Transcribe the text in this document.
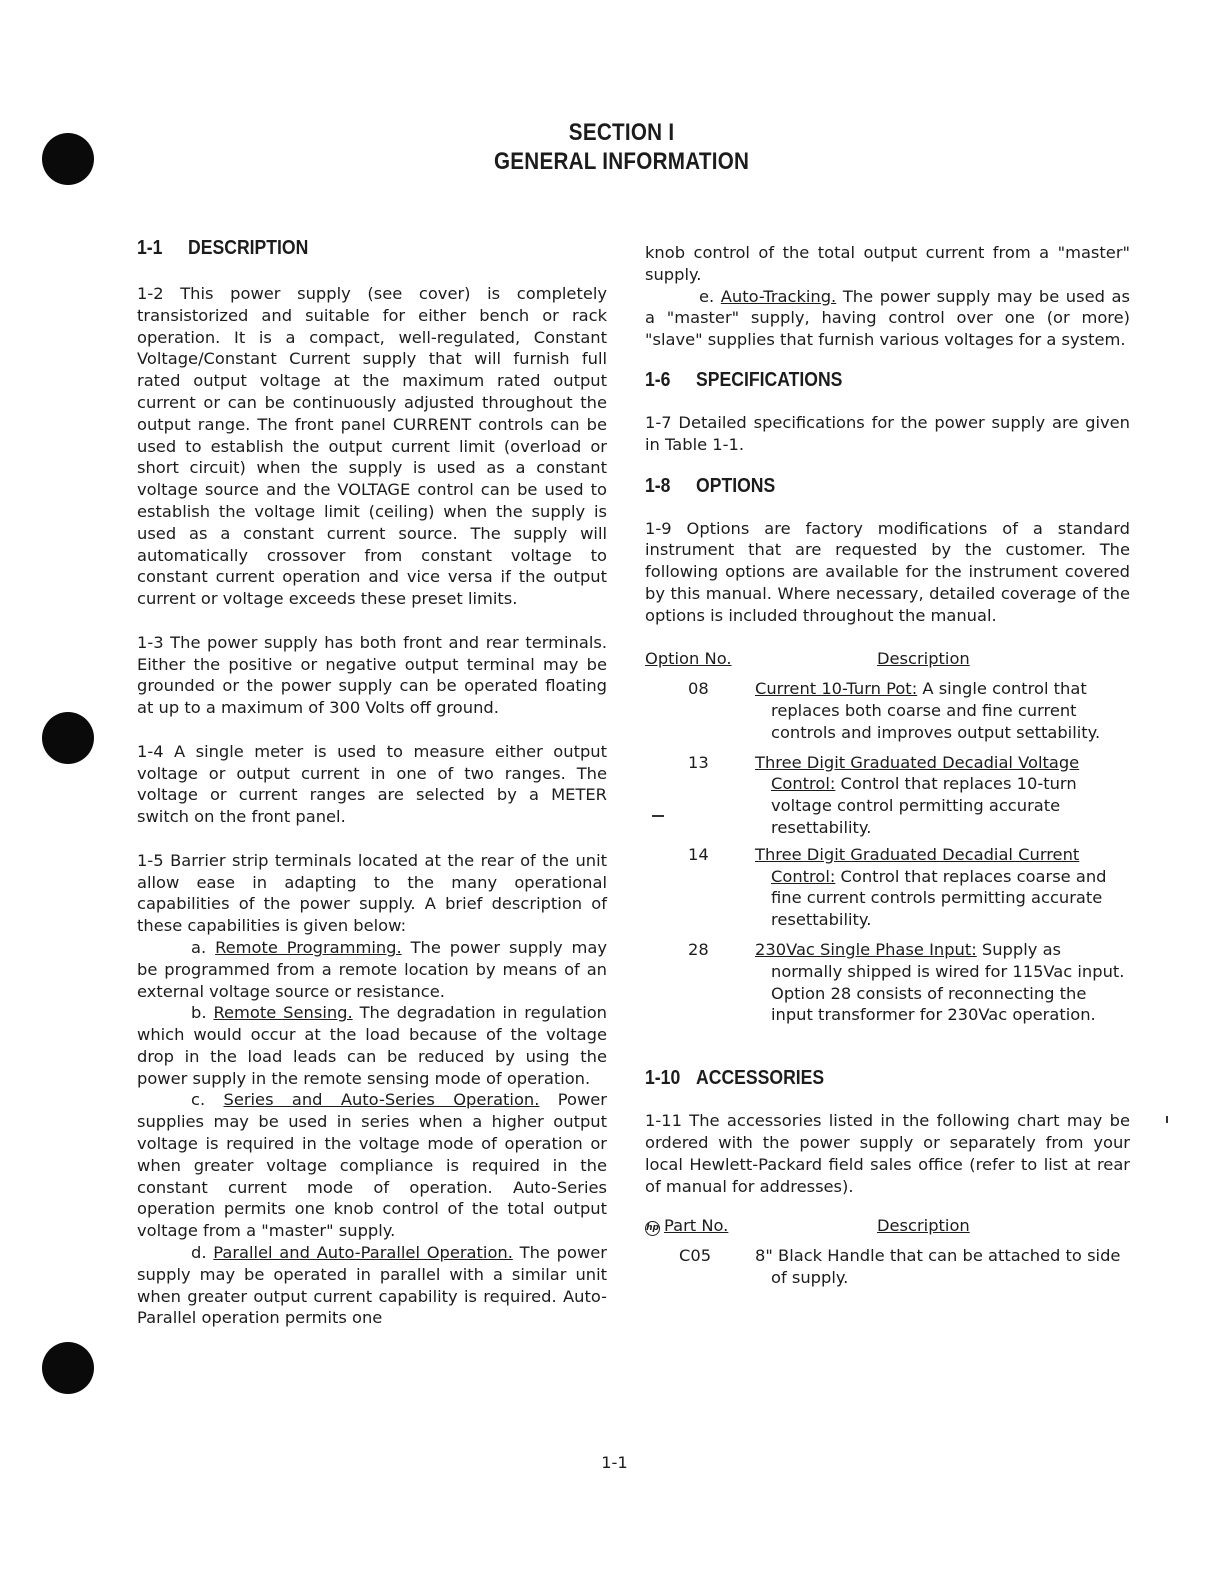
SECTION I
GENERAL INFORMATION
1-1 DESCRIPTION

1-2 This power supply (see cover) is completely transistorized and suitable for either bench or rack operation. It is a compact, well-regulated, Constant Voltage/Constant Current supply that will furnish full rated output voltage at the maximum rated output current or can be continuously adjusted throughout the output range. The front panel CURRENT controls can be used to establish the output current limit (overload or short circuit) when the supply is used as a constant voltage source and the VOLTAGE control can be used to establish the voltage limit (ceiling) when the supply is used as a constant current source. The supply will automatically crossover from constant voltage to constant current operation and vice versa if the output current or voltage exceeds these preset limits.

1-3 The power supply has both front and rear terminals. Either the positive or negative output terminal may be grounded or the power supply can be operated floating at up to a maximum of 300 Volts off ground.

1-4 A single meter is used to measure either output voltage or output current in one of two ranges. The voltage or current ranges are selected by a METER switch on the front panel.

1-5 Barrier strip terminals located at the rear of the unit allow ease in adapting to the many operational capabilities of the power supply. A brief description of these capabilities is given below:

a. Remote Programming. The power supply may be programmed from a remote location by means of an external voltage source or resistance.

b. Remote Sensing. The degradation in regulation which would occur at the load because of the voltage drop in the load leads can be reduced by using the power supply in the remote sensing mode of operation.

c. Series and Auto-Series Operation. Power supplies may be used in series when a higher output voltage is required in the voltage mode of operation or when greater voltage compliance is required in the constant current mode of operation. Auto-Series operation permits one knob control of the total output voltage from a "master" supply.

d. Parallel and Auto-Parallel Operation. The power supply may be operated in parallel with a similar unit when greater output current capability is required. Auto-Parallel operation permits one

knob control of the total output current from a "master" supply.

e. Auto-Tracking. The power supply may be used as a "master" supply, having control over one (or more) "slave" supplies that furnish various voltages for a system.

1-6 SPECIFICATIONS

1-7 Detailed specifications for the power supply are given in Table 1-1.

1-8 OPTIONS

1-9 Options are factory modifications of a standard instrument that are requested by the customer. The following options are available for the instrument covered by this manual. Where necessary, detailed coverage of the options is included throughout the manual.

Option No.	Description
08	Current 10-Turn Pot: A single control that replaces both coarse and fine current controls and improves output settability.
13	Three Digit Graduated Decadial Voltage Control: Control that replaces 10-turn voltage control permitting accurate resettability.
14	Three Digit Graduated Decadial Current Control: Control that replaces coarse and fine current controls permitting accurate resettability.
28	230Vac Single Phase Input: Supply as normally shipped is wired for 115Vac input. Option 28 consists of reconnecting the input transformer for 230Vac operation.
1-10 ACCESSORIES

1-11 The accessories listed in the following chart may be ordered with the power supply or separately from your local Hewlett-Packard field sales office (refer to list at rear of manual for addresses).

hp Part No.	Description
C05	8" Black Handle that can be attached to side of supply.
1-1
